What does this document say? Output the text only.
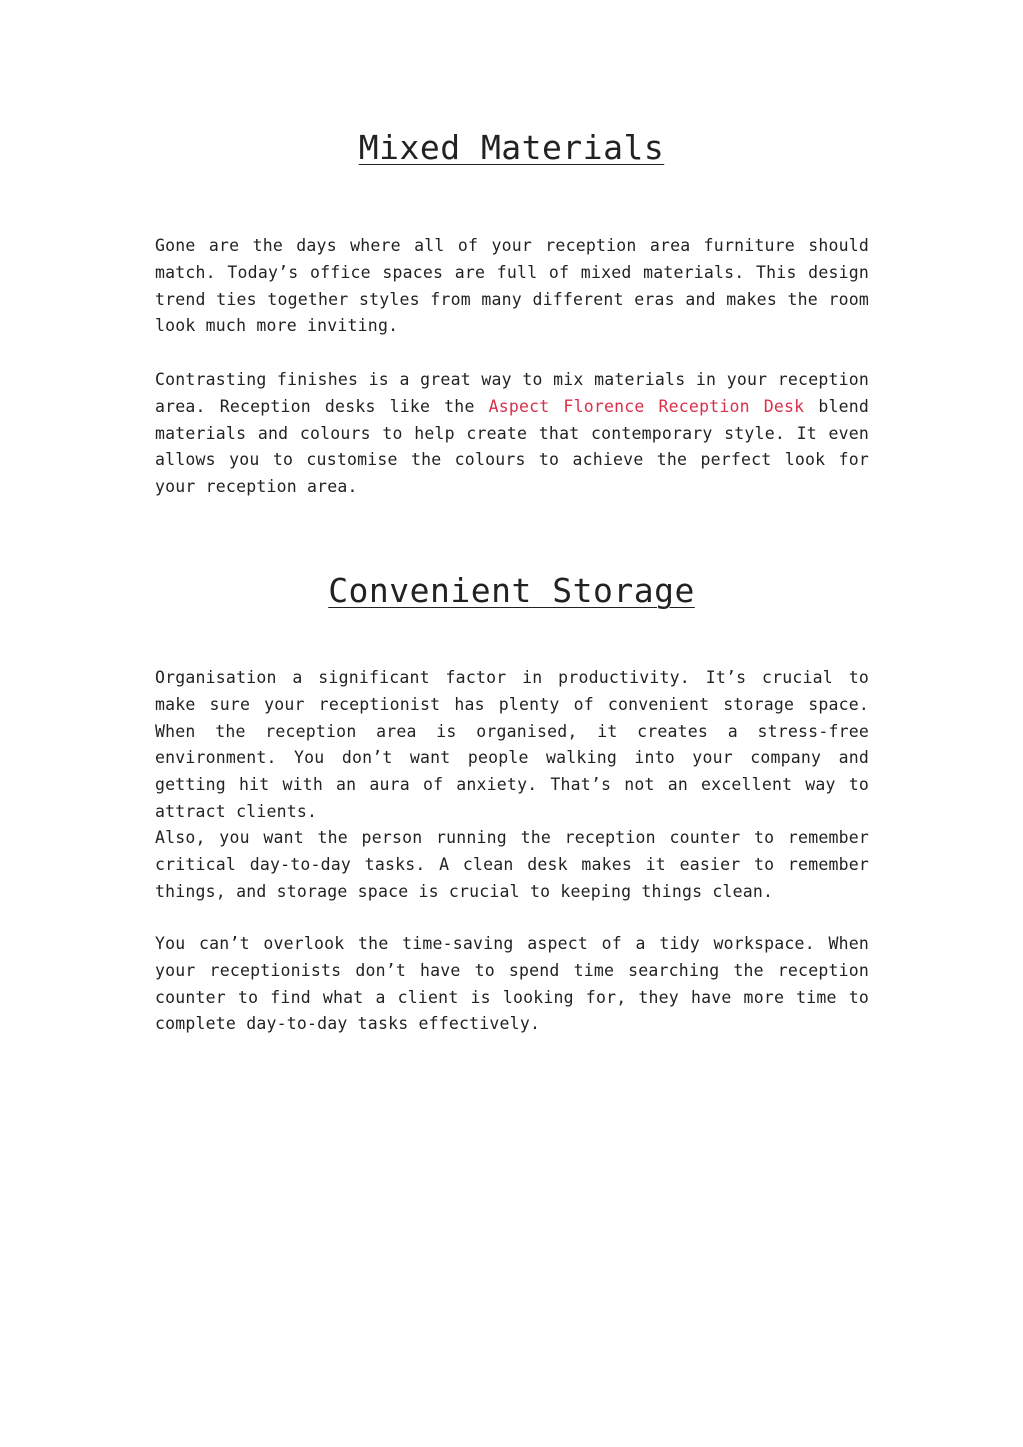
Mixed Materials

Gone are the days where all of your reception area furniture should match. Today’s office spaces are full of mixed materials. This design trend ties together styles from many different eras and makes the room look much more inviting.

Contrasting finishes is a great way to mix materials in your reception area. Reception desks like the Aspect Florence Reception Desk blend materials and colours to help create that contemporary style. It even allows you to customise the colours to achieve the perfect look for your reception area.

Convenient Storage

Organisation a significant factor in productivity. It’s crucial to make sure your receptionist has plenty of convenient storage space. When the reception area is organised, it creates a stress-free environment. You don’t want people walking into your company and getting hit with an aura of anxiety. That’s not an excellent way to attract clients.

Also, you want the person running the reception counter to remember critical day-to-day tasks. A clean desk makes it easier to remember things, and storage space is crucial to keeping things clean.

You can’t overlook the time-saving aspect of a tidy workspace. When your receptionists don’t have to spend time searching the reception counter to find what a client is looking for, they have more time to complete day-to-day tasks effectively.
